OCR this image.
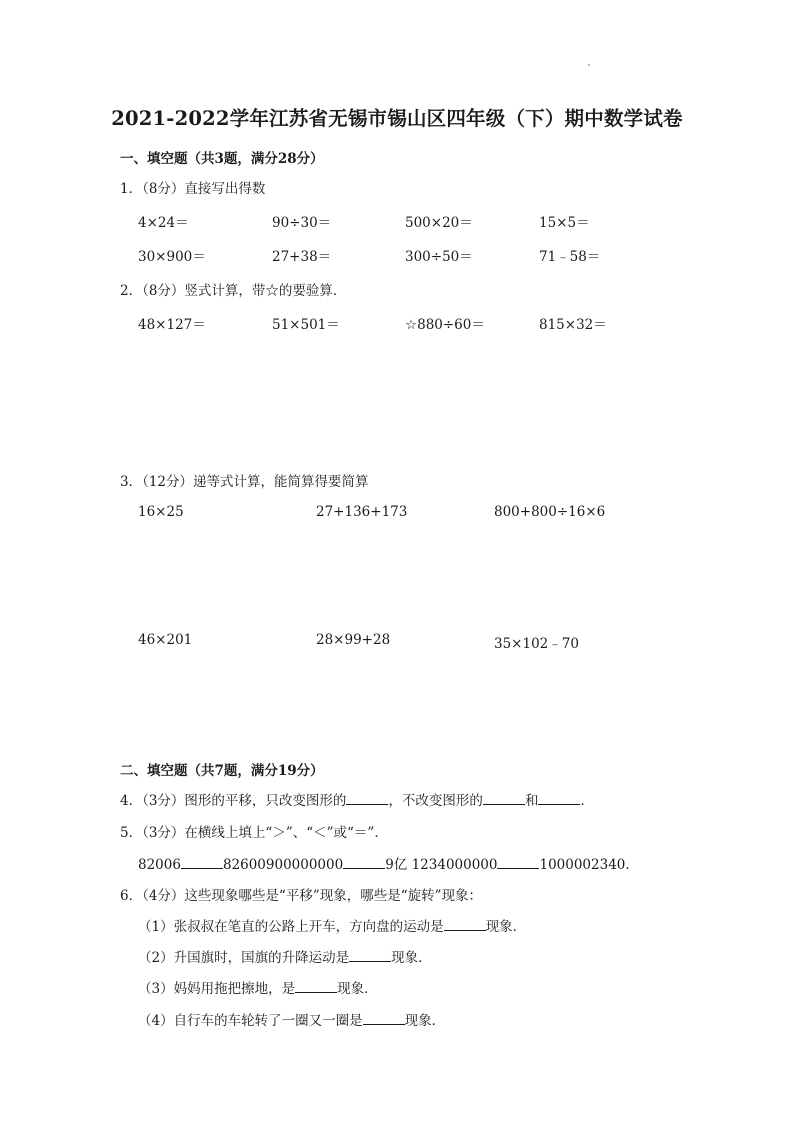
2021-2022学年江苏省无锡市锡山区四年级（下）期中数学试卷
一、填空题（共3题，满分28分）
1．（8分）直接写出得数
4×24＝	90÷30＝	500×20＝	15×5＝
30×900＝	27+38＝	300÷50＝	71﹣58＝
2．（8分）竖式计算，带☆的要验算．
48×127＝	51×501＝	☆880÷60＝	815×32＝
3．（12分）递等式计算，能简算得要简算
16×25	27+136+173	800+800÷16×6
46×201	28×99+28	35×102﹣70
二、填空题（共7题，满分19分）
4．（3分）图形的平移，只改变图形的	，不改变图形的	和	．
5．（3分）在横线上填上“＞”、“＜”或“＝”．
82006	82600900000000	9亿 1234000000	1000002340.
6．（4分）这些现象哪些是“平移”现象，哪些是“旋转”现象：
（1）张叔叔在笔直的公路上开车，方向盘的运动是	现象．
（2）升国旗时，国旗的升降运动是	现象．
（3）妈妈用拖把擦地，是	现象．
（4）自行车的车轮转了一圈又一圈是	现象．
